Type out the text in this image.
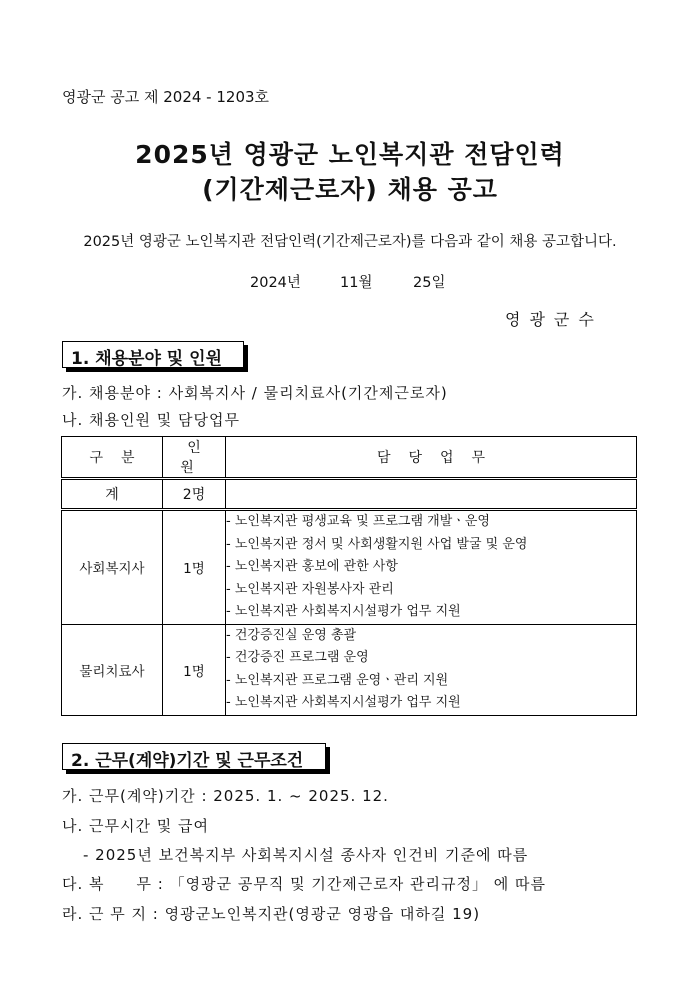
영광군 공고 제 2024 - 1203호
2025년 영광군 노인복지관 전담인력
(기간제근로자) 채용 공고
2025년 영광군 노인복지관 전담인력(기간제근로자)를 다음과 같이 채용 공고합니다.
2024년	11월	25일
영광군수
1. 채용분야 및 인원
가. 채용분야 : 사회복지사 / 물리치료사(기간제근로자)
나. 채용인원 및 담당업무
구분	인원	담당업무
계	2명	
사회복지사	1명	- 노인복지관 평생교육 및 프로그램 개발ㆍ운영
- 노인복지관 정서 및 사회생활지원 사업 발굴 및 운영
- 노인복지관 홍보에 관한 사항
- 노인복지관 자원봉사자 관리
- 노인복지관 사회복지시설평가 업무 지원

물리치료사	1명	- 건강증진실 운영 총괄
- 건강증진 프로그램 운영
- 노인복지관 프로그램 운영ㆍ관리 지원
- 노인복지관 사회복지시설평가 업무 지원
2. 근무(계약)기간 및 근무조건
가. 근무(계약)기간 : 2025. 1. ~ 2025. 12.
나. 근무시간 및 급여
- 2025년 보건복지부 사회복지시설 종사자 인건비 기준에 따름
다. 복　　무 : 「영광군 공무직 및 기간제근로자 관리규정」 에 따름
라. 근 무 지 : 영광군노인복지관(영광군 영광읍 대하길 19)
